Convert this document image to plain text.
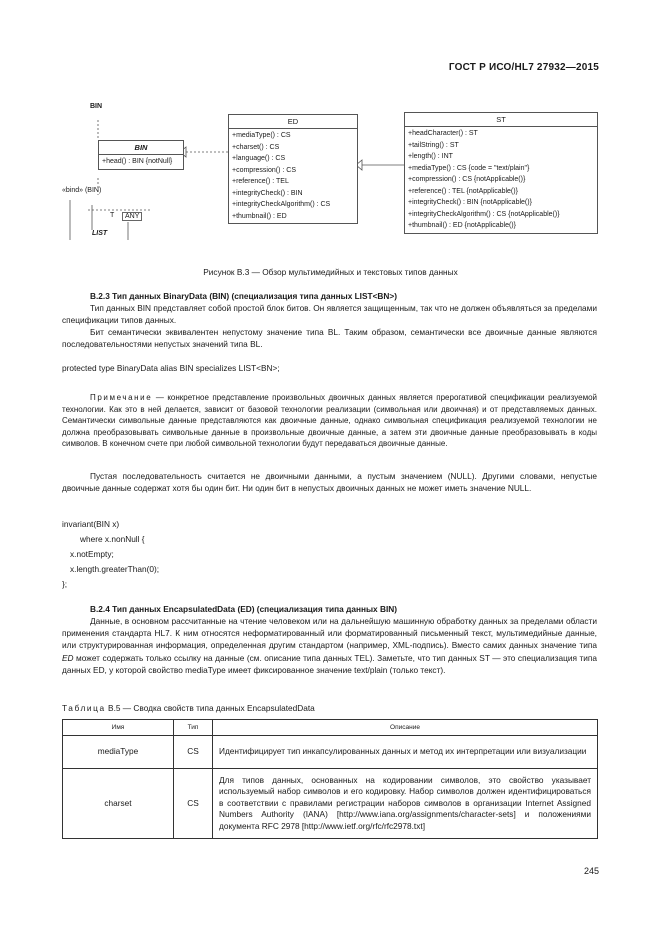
ГОСТ Р ИСО/HL7 27932—2015
BIN
BIN
+head() : BIN {notNull}
«bind» (BIN)
T	ANY
LIST
ED
+mediaType() : CS
+charset() : CS
+language() : CS
+compression() : CS
+reference() : TEL
+integrityCheck() : BIN
+integrityCheckAlgorithm() : CS
+thumbnail() : ED
ST
+headCharacter() : ST
+tailString() : ST
+length() : INT
+mediaType() : CS {code = "text/plain"}
+compression() : CS {notApplicable()}
+reference() : TEL {notApplicable()}
+integrityCheck() : BIN {notApplicable()}
+integrityCheckAlgorithm() : CS {notApplicable()}
+thumbnail() : ED {notApplicable()}
Рисунок В.3 — Обзор мультимедийных и текстовых типов данных
В.2.3 Тип данных BinaryData (BIN) (специализация типа данных LIST<BN>)
Тип данных BIN представляет собой простой блок битов. Он является защищенным, так что не должен объявляться за пределами спецификации типов данных.
Бит семантически эквивалентен непустому значение типа BL. Таким образом, семантически все двоичные данные являются последовательностями непустых значений типа BL.
protected type BinaryData alias BIN specializes LIST<BN>;
Примечание — конкретное представление произвольных двоичных данных является прерогативой спецификации реализуемой технологии. Как это в ней делается, зависит от базовой технологии реализации (символьная или двоичная) и от представляемых данных. Семантически символьные данные представляются как двоичные данные, однако символьная спецификация реализуемой технологии не должна преобразовывать символьные данные в произвольные двоичные данные, а затем эти двоичные данные преобразовывать в коды символов. В конечном счете при любой символьной технологии будут передаваться двоичные данные.
Пустая последовательность считается не двоичными данными, а пустым значением (NULL). Другими словами, непустые двоичные данные содержат хотя бы один бит. Ни один бит в непустых двоичных данных не может иметь значение NULL.
invariant(BIN x)
where x.nonNull {
x.notEmpty;
x.length.greaterThan(0);
};
В.2.4 Тип данных EncapsulatedData (ED) (специализация типа данных BIN)
Данные, в основном рассчитанные на чтение человеком или на дальнейшую машинную обработку данных за пределами области применения стандарта HL7. К ним относятся неформатированный или форматированный письменный текст, мультимедийные данные, или структурированная информация, определенная другим стандартом (например, XML-подпись). Вместо самих данных значение типа ED может содержать только ссылку на данные (см. описание типа данных TEL). Заметьте, что тип данных ST — это специализация типа данных ED, у которой свойство mediaType имеет фиксированное значение text/plain (только текст).
Таблица В.5 — Сводка свойств типа данных EncapsulatedData
Имя	Тип	Описание
mediaType	CS	Идентифицирует тип инкапсулированных данных и метод их интерпретации или визуализации
charset	CS	Для типов данных, основанных на кодировании символов, это свойство указывает используемый набор символов и его кодировку. Набор символов должен идентифицироваться в соответствии с правилами регистрации наборов символов в организации Internet Assigned Numbers Authority (IANA) [http://www.iana.org/assignments/character-sets] и положениями документа RFC 2978 [http://www.ietf.org/rfc/rfc2978.txt]
245
